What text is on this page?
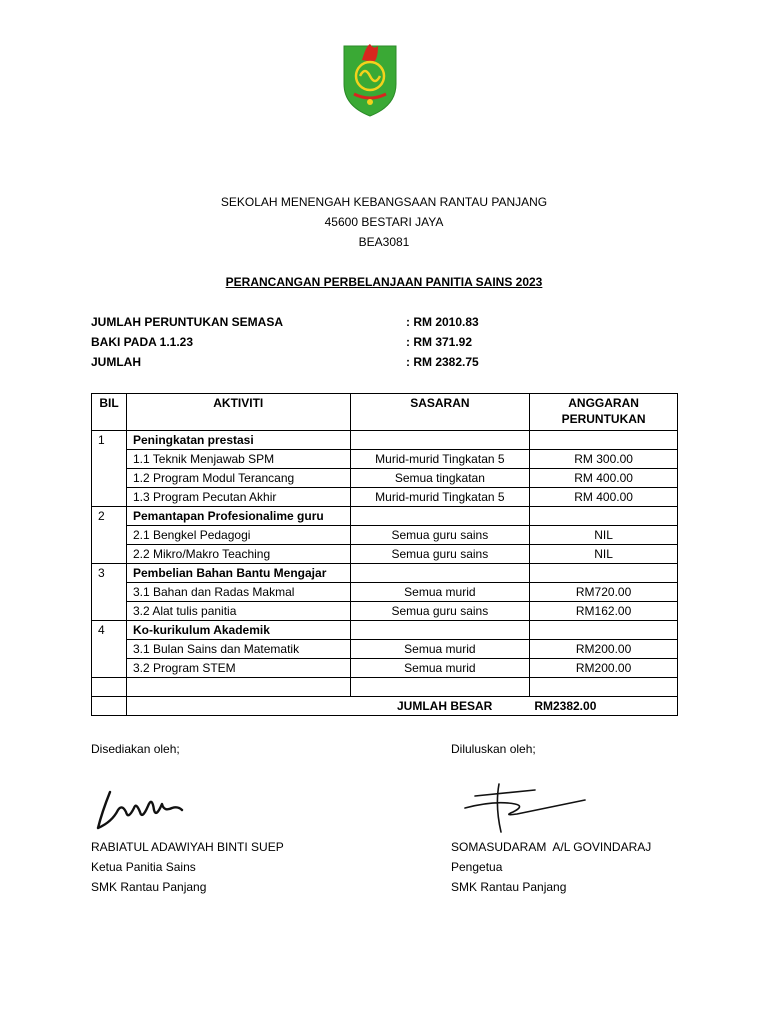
SEKOLAH MENENGAH KEBANGSAAN RANTAU PANJANG
45600 BESTARI JAYA
BEA3081
PERANCANGAN PERBELANJAAN PANITIA SAINS 2023
JUMLAH PERUNTUKAN SEMASA	: RM 2010.83
BAKI PADA 1.1.23	: RM 371.92
JUMLAH	: RM 2382.75
BIL	AKTIVITI	SASARAN	ANGGARAN PERUNTUKAN
1	Peningkatan prestasi		
	1.1 Teknik Menjawab SPM	Murid-murid Tingkatan 5	RM 300.00
	1.2 Program Modul Terancang	Semua tingkatan	RM 400.00
	1.3 Program Pecutan Akhir	Murid-murid Tingkatan 5	RM 400.00
2	Pemantapan Profesionalime guru		
	2.1 Bengkel Pedagogi	Semua guru sains	NIL
	2.2 Mikro/Makro Teaching	Semua guru sains	NIL
3	Pembelian Bahan Bantu Mengajar		
	3.1 Bahan dan Radas Makmal	Semua murid	RM720.00
	3.2 Alat tulis panitia	Semua guru sains	RM162.00
4	Ko-kurikulum Akademik		
	3.1 Bulan Sains dan Matematik	Semua murid	RM200.00
	3.2 Program STEM	Semua murid	RM200.00

	JUMLAH BESAR RM2382.00		
Disediakan oleh;	Diluluskan oleh;
RABIATUL ADAWIYAH BINTI SUEP
Ketua Panitia Sains
SMK Rantau Panjang
SOMASUDARAM  A/L GOVINDARAJ
Pengetua
SMK Rantau Panjang
